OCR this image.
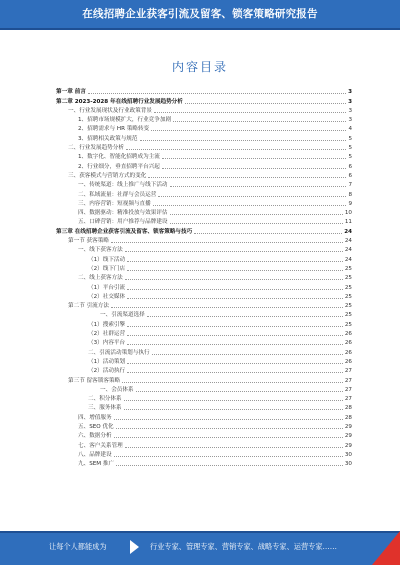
在线招聘企业获客引流及留客、锁客策略研究报告
内容目录
第一章 前言	3
第二章 2023-2028 年在线招聘行业发展趋势分析	3
一、行业发展现状及行业政策背景	3
1、招聘市场规模扩大，行业竞争加剧	3
2、招聘需求与 HR 策略转变	4
3、招聘相关政策与规范	5
二、行业发展趋势分析	5
1、数字化、智能化招聘成为主流	5
2、行业细分，垂直招聘平台兴起	6
三、获客模式与营销方式的变化	6
一、传统渠道：线上推广与线下活动	7
二、私域流量：社群与会员运营	8
三、内容营销：短视频与直播	9
四、数据驱动：精准投放与效果评估	10
五、口碑营销：用户推荐与品牌建设	11
第三章 在线招聘企业获客引流及留客、锁客策略与技巧	24
第一节 获客策略	24
一、线下获客方法	24
（1）线下活动	24
（2）线下门店	25
二、线上获客方法	25
（1）平台引流	25
（2）社交媒体	25
第二节 引流方法	25
一、引流渠道选择	25
（1）搜索引擎	25
（2）社群运营	26
（3）内容平台	26
二、引流活动策划与执行	26
（1）活动策划	26
（2）活动执行	27
第三节 留客锁客策略	27
一、会员体系	27
二、积分体系	27
三、服务体系	28
四、增值服务	28
五、SEO 优化	29
六、数据分析	29
七、客户关系管理	29
八、品牌建设	30
九、SEM 推广	30
让每个人都能成为	行业专家、管理专家、营销专家、战略专家、运营专家……
